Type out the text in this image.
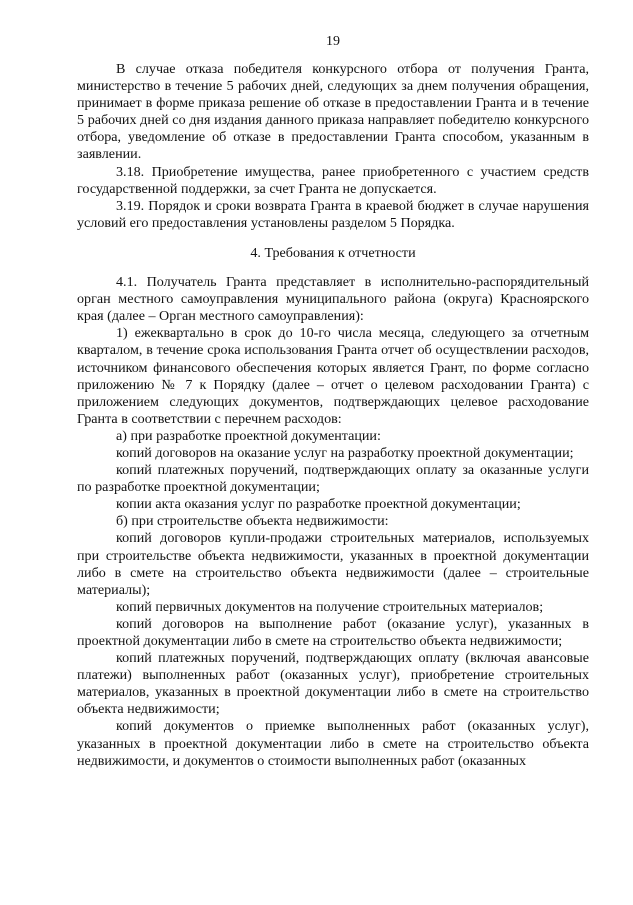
19

В случае отказа победителя конкурсного отбора от получения Гранта, министерство в течение 5 рабочих дней, следующих за днем получения обращения, принимает в форме приказа решение об отказе в предоставлении Гранта и в течение 5 рабочих дней со дня издания данного приказа направляет победителю конкурсного отбора, уведомление об отказе в предоставлении Гранта способом, указанным в заявлении.

3.18. Приобретение имущества, ранее приобретенного с участием средств государственной поддержки, за счет Гранта не допускается.

3.19. Порядок и сроки возврата Гранта в краевой бюджет в случае нарушения условий его предоставления установлены разделом 5 Порядка.

4. Требования к отчетности

4.1. Получатель Гранта представляет в исполнительно-распорядительный орган местного самоуправления муниципального района (округа) Красноярского края (далее – Орган местного самоуправления):

1) ежеквартально в срок до 10-го числа месяца, следующего за отчетным кварталом, в течение срока использования Гранта отчет об осуществлении расходов, источником финансового обеспечения которых является Грант, по форме согласно приложению № 7 к Порядку (далее – отчет о целевом расходовании Гранта) с приложением следующих документов, подтверждающих целевое расходование Гранта в соответствии с перечнем расходов:

а) при разработке проектной документации:

копий договоров на оказание услуг на разработку проектной документации;

копий платежных поручений, подтверждающих оплату за оказанные услуги по разработке проектной документации;

копии акта оказания услуг по разработке проектной документации;

б) при строительстве объекта недвижимости:

копий договоров купли-продажи строительных материалов, используемых при строительстве объекта недвижимости, указанных в проектной документации либо в смете на строительство объекта недвижимости (далее – строительные материалы);

копий первичных документов на получение строительных материалов;

копий договоров на выполнение работ (оказание услуг), указанных в проектной документации либо в смете на строительство объекта недвижимости;

копий платежных поручений, подтверждающих оплату (включая авансовые платежи) выполненных работ (оказанных услуг), приобретение строительных материалов, указанных в проектной документации либо в смете на строительство объекта недвижимости;

копий документов о приемке выполненных работ (оказанных услуг), указанных в проектной документации либо в смете на строительство объекта недвижимости, и документов о стоимости выполненных работ (оказанных
